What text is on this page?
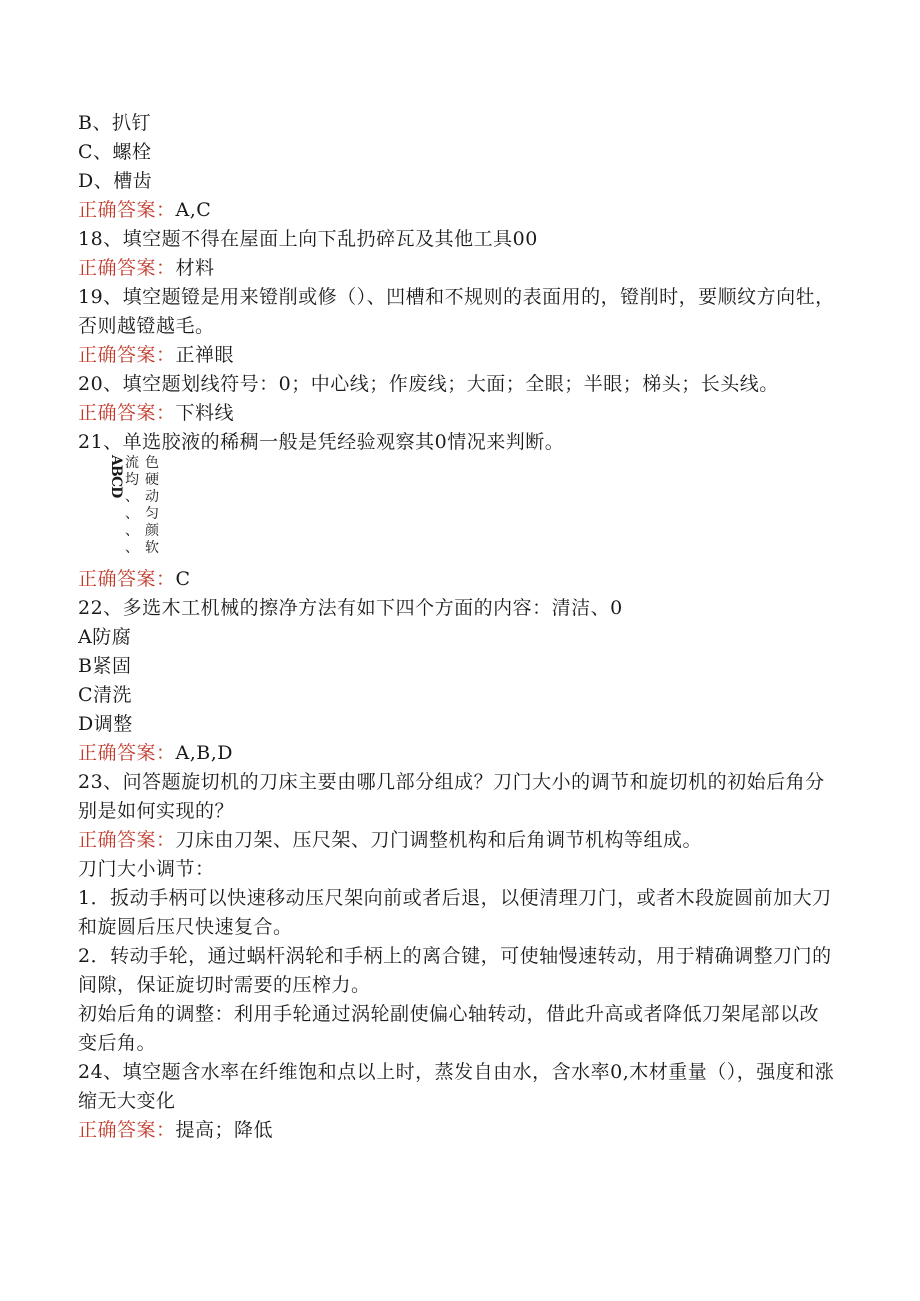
B、扒钉
C、螺栓
D、槽齿
正确答案：A,C
18、填空题不得在屋面上向下乱扔碎瓦及其他工具00
正确答案：材料
19、填空题镫是用来镫削或修（）、凹槽和不规则的表面用的，镫削时，要顺纹方向牡，否则越镫越毛。
正确答案：正禅眼
20、填空题划线符号：0；中心线；作废线；大面；全眼；半眼；梯头；长头线。
正确答案：下料线
21、单选胶液的稀稠一般是凭经验观察其0情况来判断。
ABCD 流
均
、
、
、
、
色
硬
动
匀
颜
软
正确答案：C
22、多选木工机械的擦净方法有如下四个方面的内容：清洁、0
A防腐
B紧固
C清洗
D调整
正确答案：A,B,D
23、问答题旋切机的刀床主要由哪几部分组成？刀门大小的调节和旋切机的初始后角分别是如何实现的？
正确答案：刀床由刀架、压尺架、刀门调整机构和后角调节机构等组成。
刀门大小调节：
1．扳动手柄可以快速移动压尺架向前或者后退，以便清理刀门，或者木段旋圆前加大刀和旋圆后压尺快速复合。
2．转动手轮，通过蜗杆涡轮和手柄上的离合键，可使轴慢速转动，用于精确调整刀门的间隙，保证旋切时需要的压榨力。
初始后角的调整：利用手轮通过涡轮副使偏心轴转动，借此升高或者降低刀架尾部以改变后角。
24、填空题含水率在纤维饱和点以上时，蒸发自由水，含水率0,木材重量（），强度和涨缩无大变化
正确答案：提高；降低
